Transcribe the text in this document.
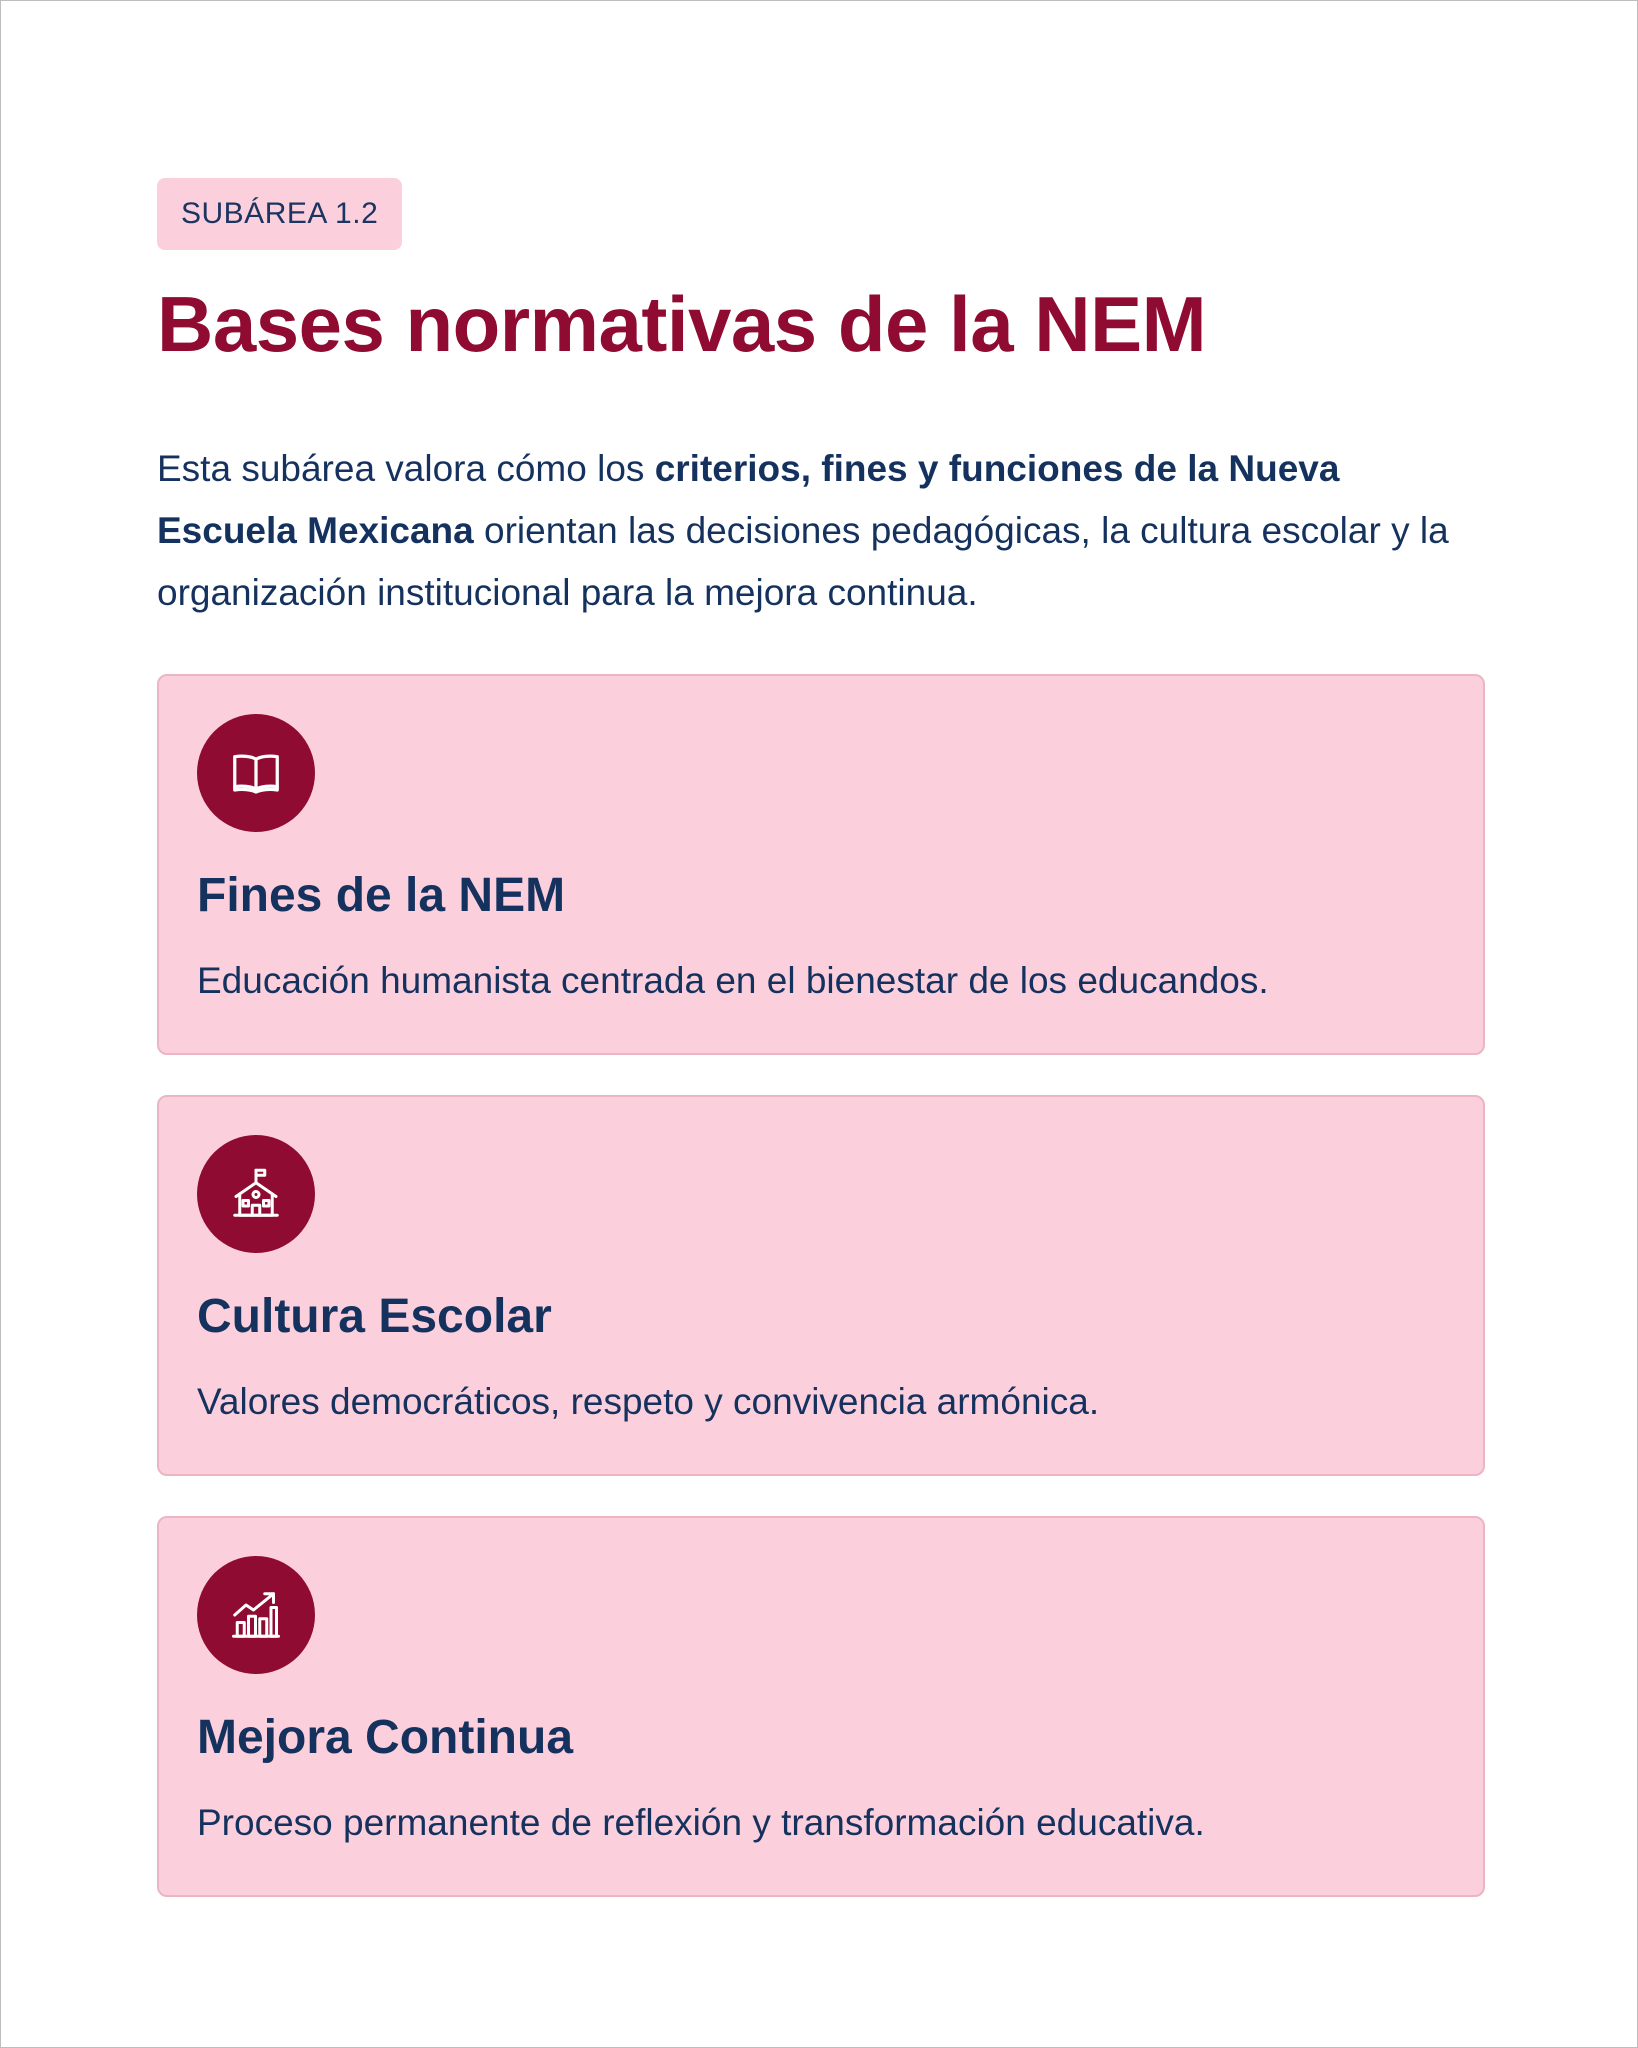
SUBÁREA 1.2
Bases normativas de la NEM

Esta subárea valora cómo los criterios, fines y funciones de la Nueva Escuela Mexicana orientan las decisiones pedagógicas, la cultura escolar y la organización institucional para la mejora continua.

Fines de la NEM
Educación humanista centrada en el bienestar de los educandos.
Cultura Escolar
Valores democráticos, respeto y convivencia armónica.
Mejora Continua
Proceso permanente de reflexión y transformación educativa.
